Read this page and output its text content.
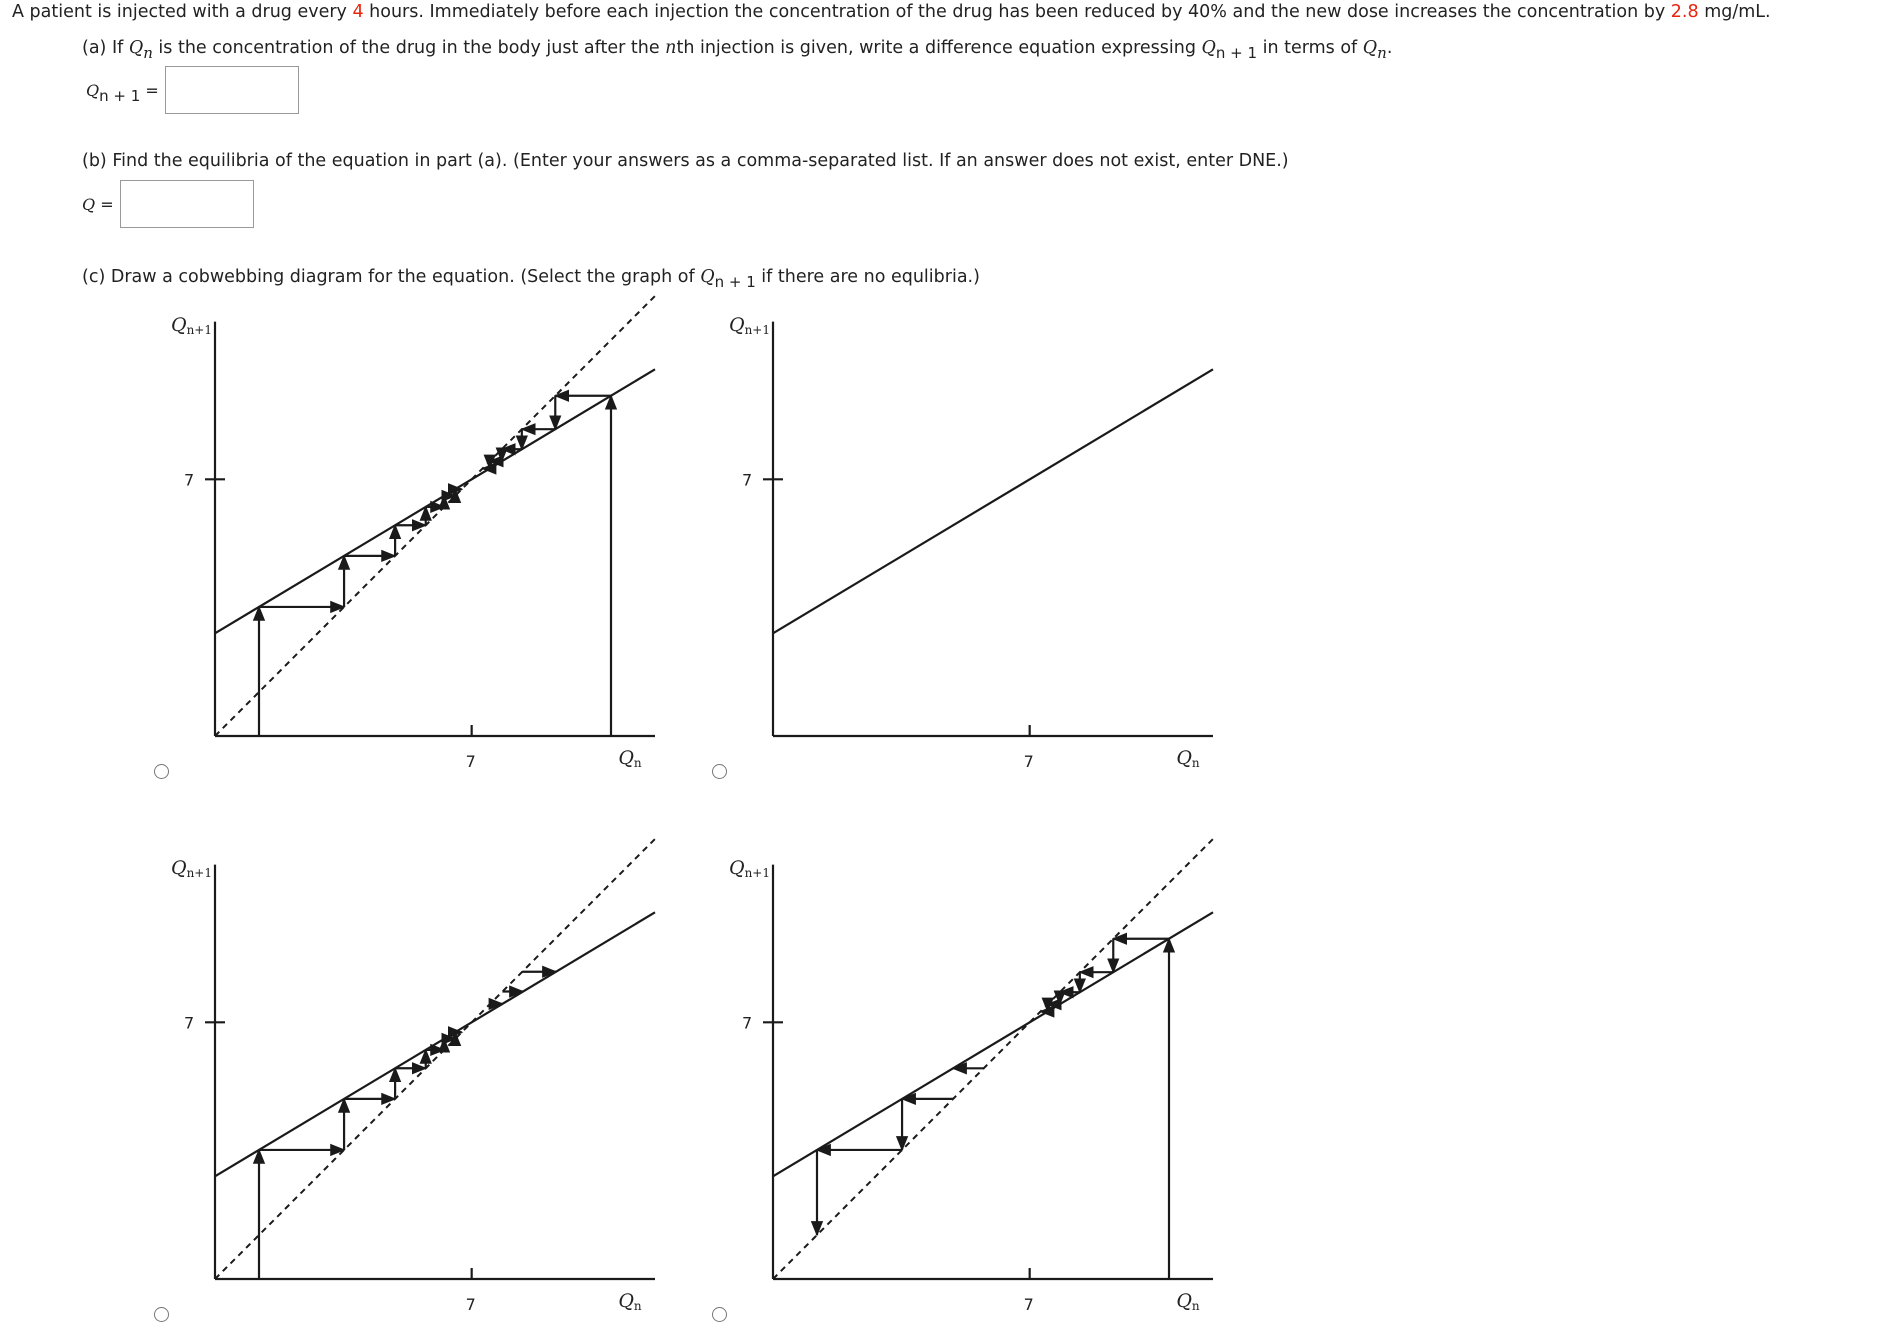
A patient is injected with a drug every 4 hours. Immediately before each injection the concentration of the drug has been reduced by 40% and the new dose increases the concentration by 2.8 mg/mL.
(a) If Qn is the concentration of the drug in the body just after the nth injection is given, write a difference equation expressing Qn + 1 in terms of Qn.
Qn + 1 =
(b) Find the equilibria of the equation in part (a). (Enter your answers as a comma-separated list. If an answer does not exist, enter DNE.)
Q =
(c) Draw a cobwebbing diagram for the equation. (Select the graph of Qn + 1 if there are no equlibria.)
7
7
Qn+1
Qn	7
7
Qn+1
Qn
7
7
Qn+1
Qn	7
7
Qn+1
Qn
